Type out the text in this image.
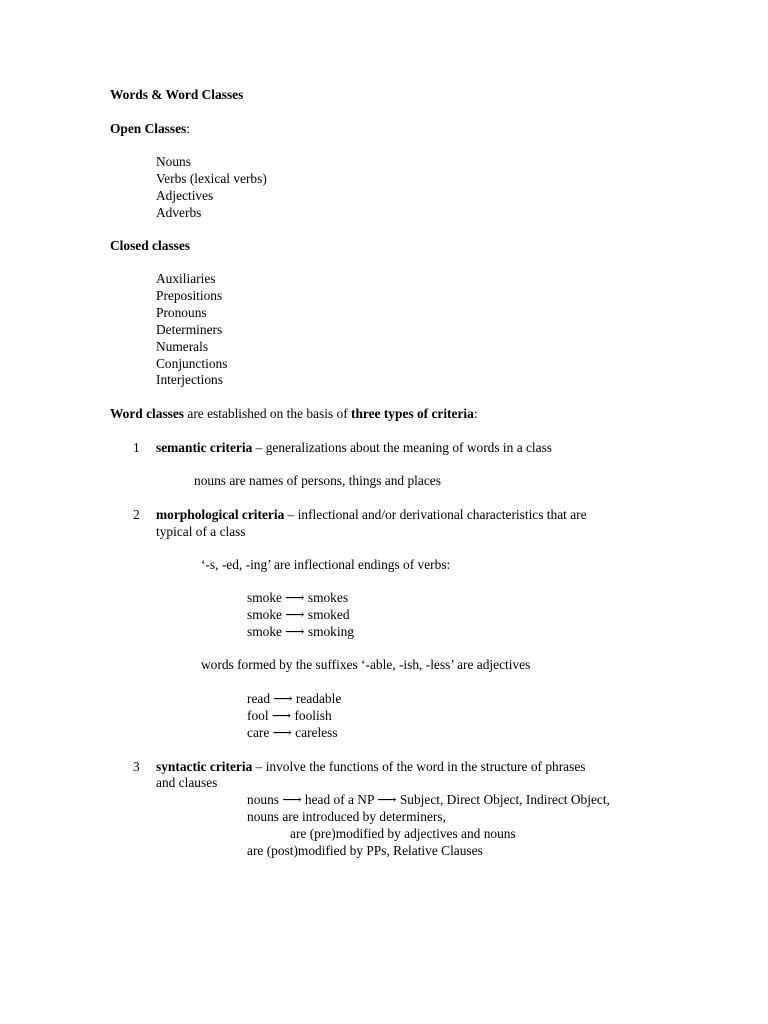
Words & Word Classes
Open Classes:
Nouns
Verbs (lexical verbs)
Adjectives
Adverbs
Closed classes
Auxiliaries
Prepositions
Pronouns
Determiners
Numerals
Conjunctions
Interjections
Word classes are established on the basis of three types of criteria:
1 semantic criteria – generalizations about the meaning of words in a class
nouns are names of persons, things and places
2 morphological criteria – inflectional and/or derivational characteristics that are
typical of a class
‘-s, -ed, -ing’ are inflectional endings of verbs:
smoke ⟶ smokes
smoke ⟶ smoked
smoke ⟶ smoking
words formed by the suffixes ‘-able, -ish, -less’ are adjectives
read ⟶ readable
fool ⟶ foolish
care ⟶ careless
3 syntactic criteria – involve the functions of the word in the structure of phrases
and clauses
nouns ⟶ head of a NP ⟶ Subject, Direct Object, Indirect Object,
nouns are introduced by determiners,
are (pre)modified by adjectives and nouns
are (post)modified by PPs, Relative Clauses
